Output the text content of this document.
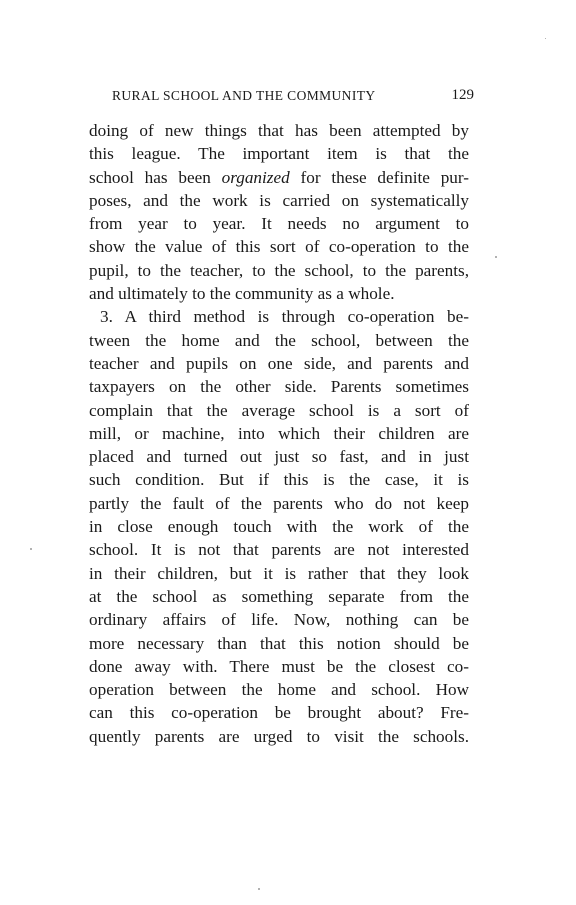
RURAL SCHOOL AND THE COMMUNITY	129
doing of new things that has been attempted by
this league. The important item is that the
school has been organized for these definite pur-
poses, and the work is carried on systematically
from year to year. It needs no argument to
show the value of this sort of co-operation to the
pupil, to the teacher, to the school, to the parents,
and ultimately to the community as a whole.
3. A third method is through co-operation be-
tween the home and the school, between the
teacher and pupils on one side, and parents and
taxpayers on the other side. Parents sometimes
complain that the average school is a sort of
mill, or machine, into which their children are
placed and turned out just so fast, and in just
such condition. But if this is the case, it is
partly the fault of the parents who do not keep
in close enough touch with the work of the
school. It is not that parents are not interested
in their children, but it is rather that they look
at the school as something separate from the
ordinary affairs of life. Now, nothing can be
more necessary than that this notion should be
done away with. There must be the closest co-
operation between the home and school. How
can this co-operation be brought about? Fre-
quently parents are urged to visit the schools.
